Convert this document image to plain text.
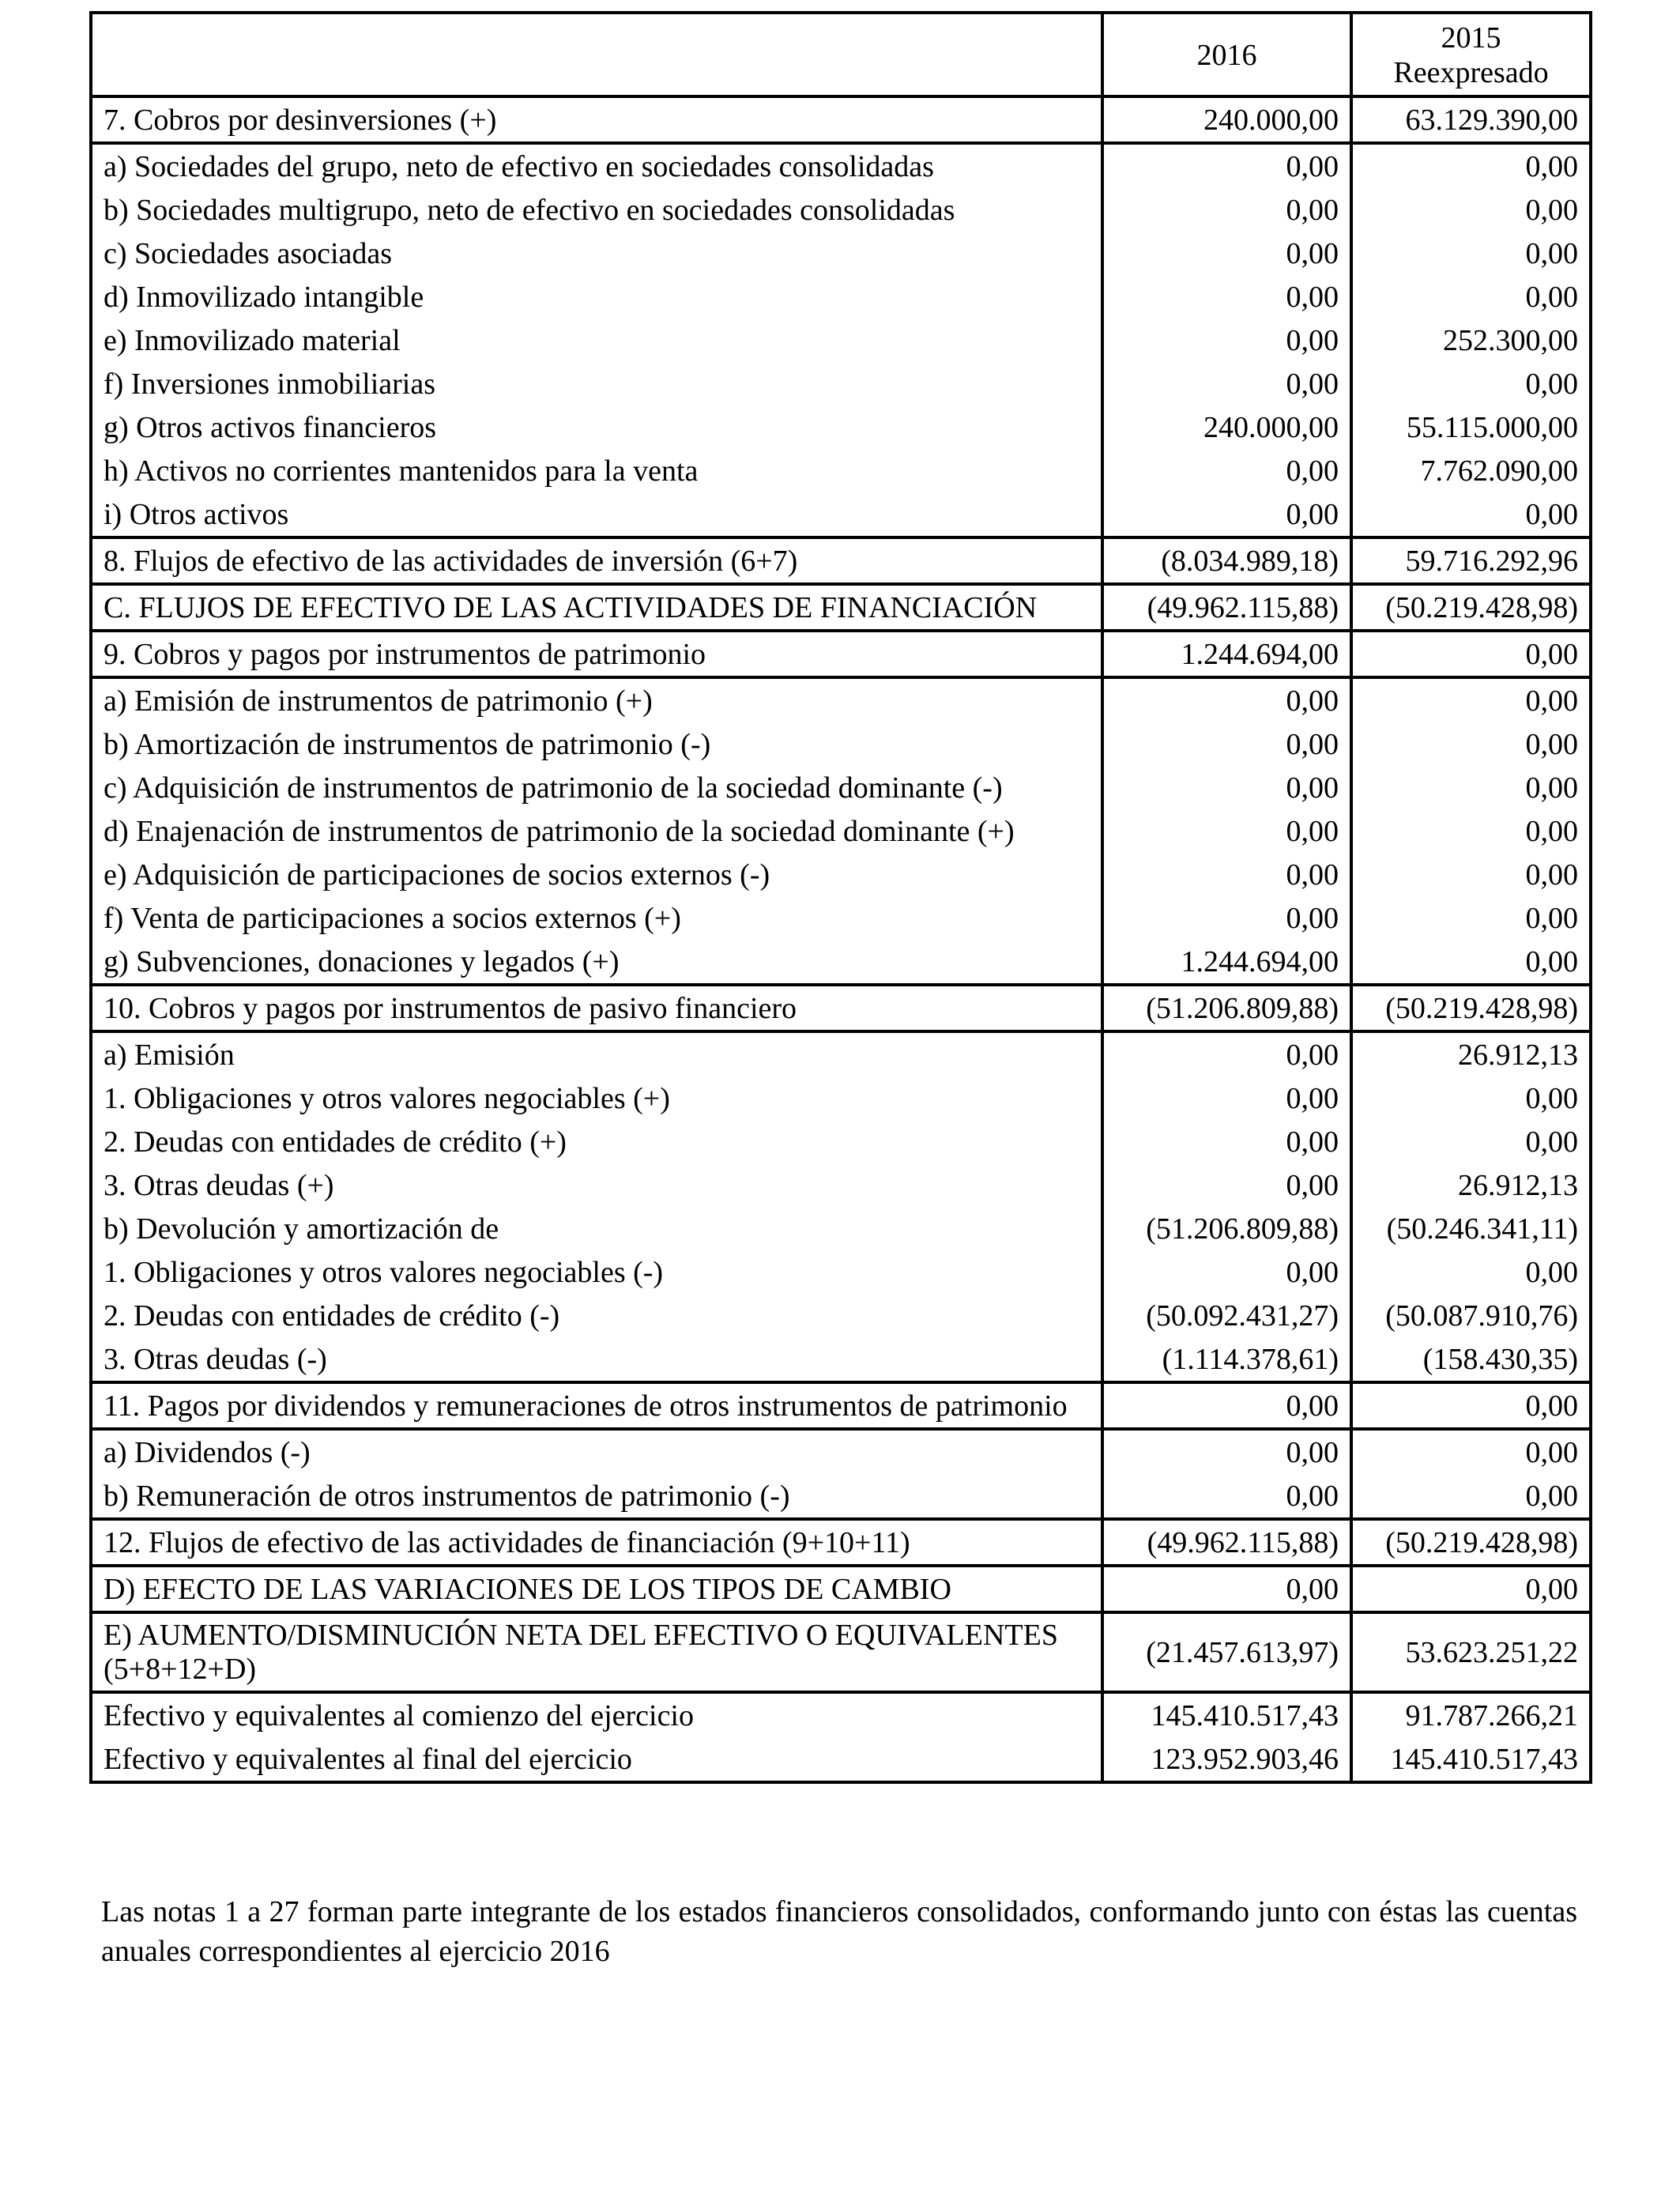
	2016	2015
Reexpresado

7. Cobros por desinversiones (+)	240.000,00	63.129.390,00
a) Sociedades del grupo, neto de efectivo en sociedades consolidadas	0,00	0,00
b) Sociedades multigrupo, neto de efectivo en sociedades consolidadas	0,00	0,00
c) Sociedades asociadas	0,00	0,00
d) Inmovilizado intangible	0,00	0,00
e) Inmovilizado material	0,00	252.300,00
f) Inversiones inmobiliarias	0,00	0,00
g) Otros activos financieros	240.000,00	55.115.000,00
h) Activos no corrientes mantenidos para la venta	0,00	7.762.090,00
i) Otros activos	0,00	0,00
8. Flujos de efectivo de las actividades de inversión (6+7)	(8.034.989,18)	59.716.292,96
C. FLUJOS DE EFECTIVO DE LAS ACTIVIDADES DE FINANCIACIÓN	(49.962.115,88)	(50.219.428,98)
9. Cobros y pagos por instrumentos de patrimonio	1.244.694,00	0,00
a) Emisión de instrumentos de patrimonio (+)	0,00	0,00
b) Amortización de instrumentos de patrimonio (-)	0,00	0,00
c) Adquisición de instrumentos de patrimonio de la sociedad dominante (-)	0,00	0,00
d) Enajenación de instrumentos de patrimonio de la sociedad dominante (+)	0,00	0,00
e) Adquisición de participaciones de socios externos (-)	0,00	0,00
f) Venta de participaciones a socios externos (+)	0,00	0,00
g) Subvenciones, donaciones y legados (+)	1.244.694,00	0,00
10. Cobros y pagos por instrumentos de pasivo financiero	(51.206.809,88)	(50.219.428,98)
a) Emisión	0,00	26.912,13
1. Obligaciones y otros valores negociables (+)	0,00	0,00
2. Deudas con entidades de crédito (+)	0,00	0,00
3. Otras deudas (+)	0,00	26.912,13
b) Devolución y amortización de	(51.206.809,88)	(50.246.341,11)
1. Obligaciones y otros valores negociables (-)	0,00	0,00
2. Deudas con entidades de crédito (-)	(50.092.431,27)	(50.087.910,76)
3. Otras deudas (-)	(1.114.378,61)	(158.430,35)
11. Pagos por dividendos y remuneraciones de otros instrumentos de patrimonio	0,00	0,00
a) Dividendos (-)	0,00	0,00
b) Remuneración de otros instrumentos de patrimonio (-)	0,00	0,00
12. Flujos de efectivo de las actividades de financiación (9+10+11)	(49.962.115,88)	(50.219.428,98)
D) EFECTO DE LAS VARIACIONES DE LOS TIPOS DE CAMBIO	0,00	0,00
E) AUMENTO/DISMINUCIÓN NETA DEL EFECTIVO O EQUIVALENTES (5+8+12+D)	(21.457.613,97)	53.623.251,22
Efectivo y equivalentes al comienzo del ejercicio	145.410.517,43	91.787.266,21
Efectivo y equivalentes al final del ejercicio	123.952.903,46	145.410.517,43
Las notas 1 a 27 forman parte integrante de los estados financieros consolidados, conformando junto con éstas las cuentas anuales correspondientes al ejercicio 2016
